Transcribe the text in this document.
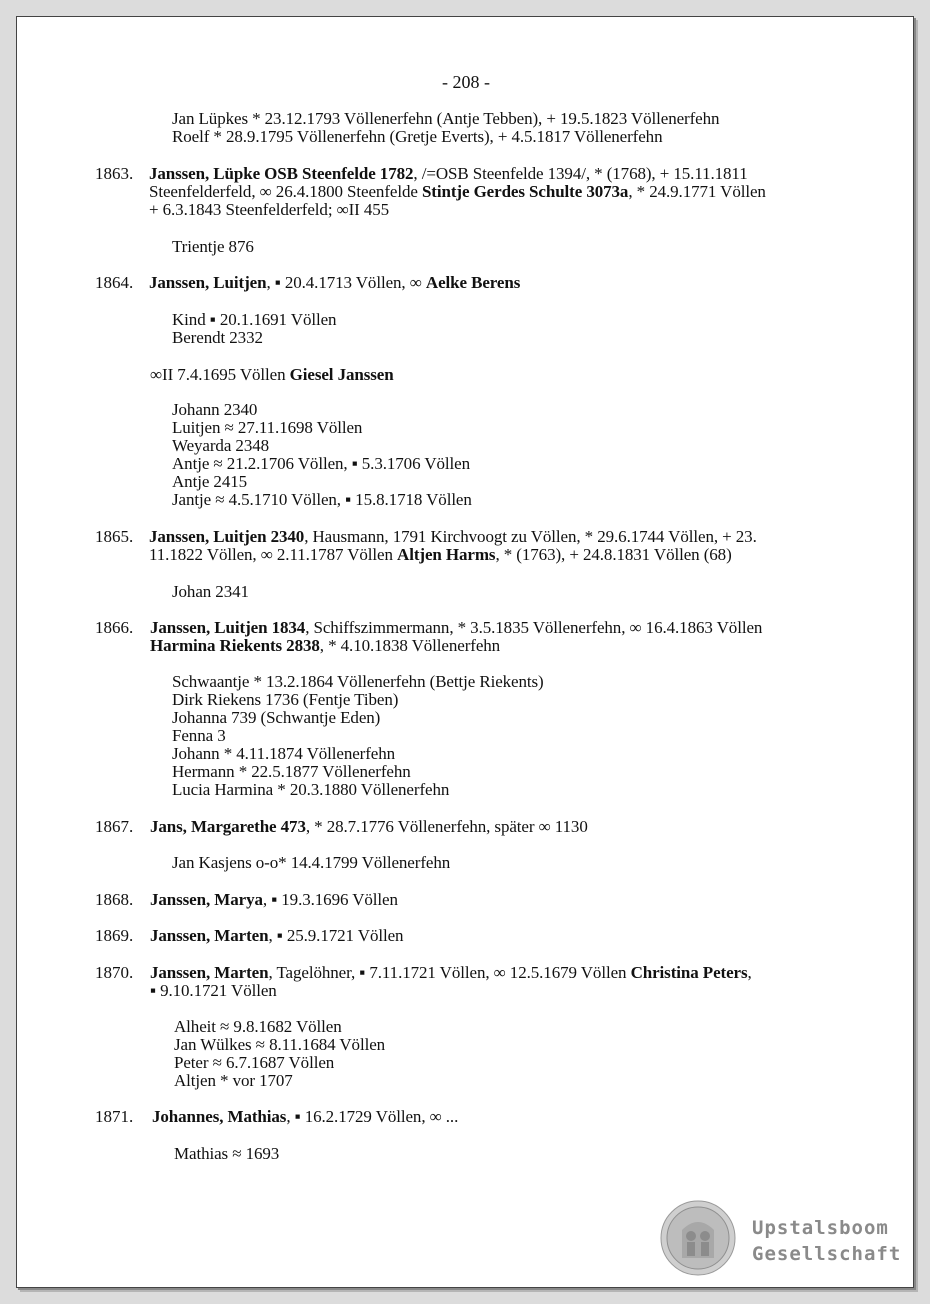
- 208 -
Jan Lüpkes * 23.12.1793 Völlenerfehn (Antje Tebben), + 19.5.1823 Völlenerfehn
Roelf * 28.9.1795 Völlenerfehn (Gretje Everts), + 4.5.1817 Völlenerfehn
1863. Janssen, Lüpke OSB Steenfelde 1782, /=OSB Steenfelde 1394/, * (1768), + 15.11.1811
Steenfelderfeld, ∞ 26.4.1800 Steenfelde Stintje Gerdes Schulte 3073a, * 24.9.1771 Völlen
+ 6.3.1843 Steenfelderfeld; ∞II 455
Trientje 876
1864. Janssen, Luitjen, ▪ 20.4.1713 Völlen, ∞ Aelke Berens
Kind ▪ 20.1.1691 Völlen
Berendt 2332
∞II 7.4.1695 Völlen Giesel Janssen
Johann 2340
Luitjen ≈ 27.11.1698 Völlen
Weyarda 2348
Antje ≈ 21.2.1706 Völlen, ▪ 5.3.1706 Völlen
Antje 2415
Jantje ≈ 4.5.1710 Völlen, ▪ 15.8.1718 Völlen
1865. Janssen, Luitjen 2340, Hausmann, 1791 Kirchvoogt zu Völlen, * 29.6.1744 Völlen, + 23.
11.1822 Völlen, ∞ 2.11.1787 Völlen Altjen Harms, * (1763), + 24.8.1831 Völlen (68)
Johan 2341
1866. Janssen, Luitjen 1834, Schiffszimmermann, * 3.5.1835 Völlenerfehn, ∞ 16.4.1863 Völlen
Harmina Riekents 2838, * 4.10.1838 Völlenerfehn
Schwaantje * 13.2.1864 Völlenerfehn (Bettje Riekents)
Dirk Riekens 1736 (Fentje Tiben)
Johanna 739 (Schwantje Eden)
Fenna 3
Johann * 4.11.1874 Völlenerfehn
Hermann * 22.5.1877 Völlenerfehn
Lucia Harmina * 20.3.1880 Völlenerfehn
1867. Jans, Margarethe 473, * 28.7.1776 Völlenerfehn, später ∞ 1130
Jan Kasjens o-o* 14.4.1799 Völlenerfehn
1868. Janssen, Marya, ▪ 19.3.1696 Völlen
1869. Janssen, Marten, ▪ 25.9.1721 Völlen
1870. Janssen, Marten, Tagelöhner, ▪ 7.11.1721 Völlen, ∞ 12.5.1679 Völlen Christina Peters,
▪ 9.10.1721 Völlen
Alheit ≈ 9.8.1682 Völlen
Jan Wülkes ≈ 8.11.1684 Völlen
Peter ≈ 6.7.1687 Völlen
Altjen * vor 1707
1871. Johannes, Mathias, ▪ 16.2.1729 Völlen, ∞ ...
Mathias ≈ 1693
Upstalsboom
Gesellschaft
